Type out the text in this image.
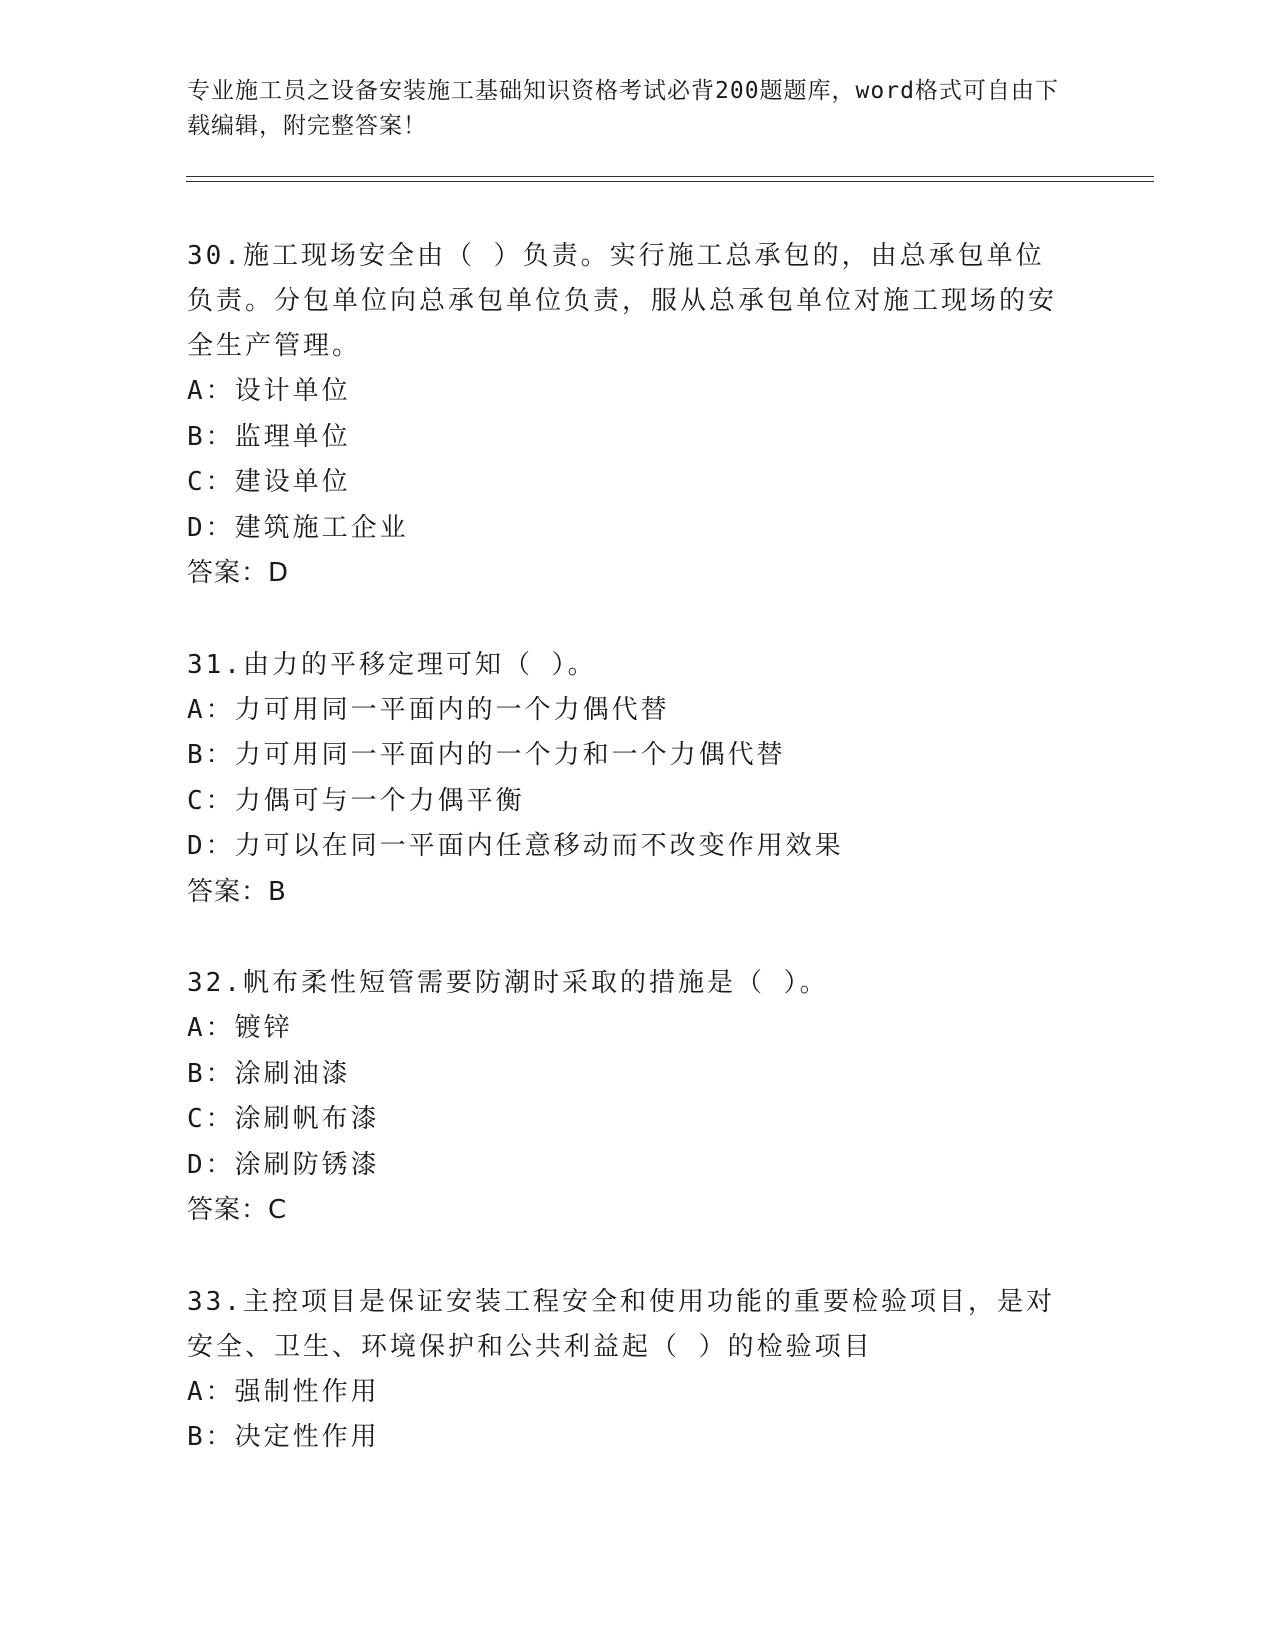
专业施工员之设备安装施工基础知识资格考试必背200题题库，word格式可自由下载编辑，附完整答案！
30.施工现场安全由（ ）负责。实行施工总承包的，由总承包单位负责。分包单位向总承包单位负责，服从总承包单位对施工现场的安全生产管理。
A：设计单位
B：监理单位
C：建设单位
D：建筑施工企业
答案：D
31.由力的平移定理可知（ ）。
A：力可用同一平面内的一个力偶代替
B：力可用同一平面内的一个力和一个力偶代替
C：力偶可与一个力偶平衡
D：力可以在同一平面内任意移动而不改变作用效果
答案：B
32.帆布柔性短管需要防潮时采取的措施是（ ）。
A：镀锌
B：涂刷油漆
C：涂刷帆布漆
D：涂刷防锈漆
答案：C
33.主控项目是保证安装工程安全和使用功能的重要检验项目，是对安全、卫生、环境保护和公共利益起（ ）的检验项目
A：强制性作用
B：决定性作用
